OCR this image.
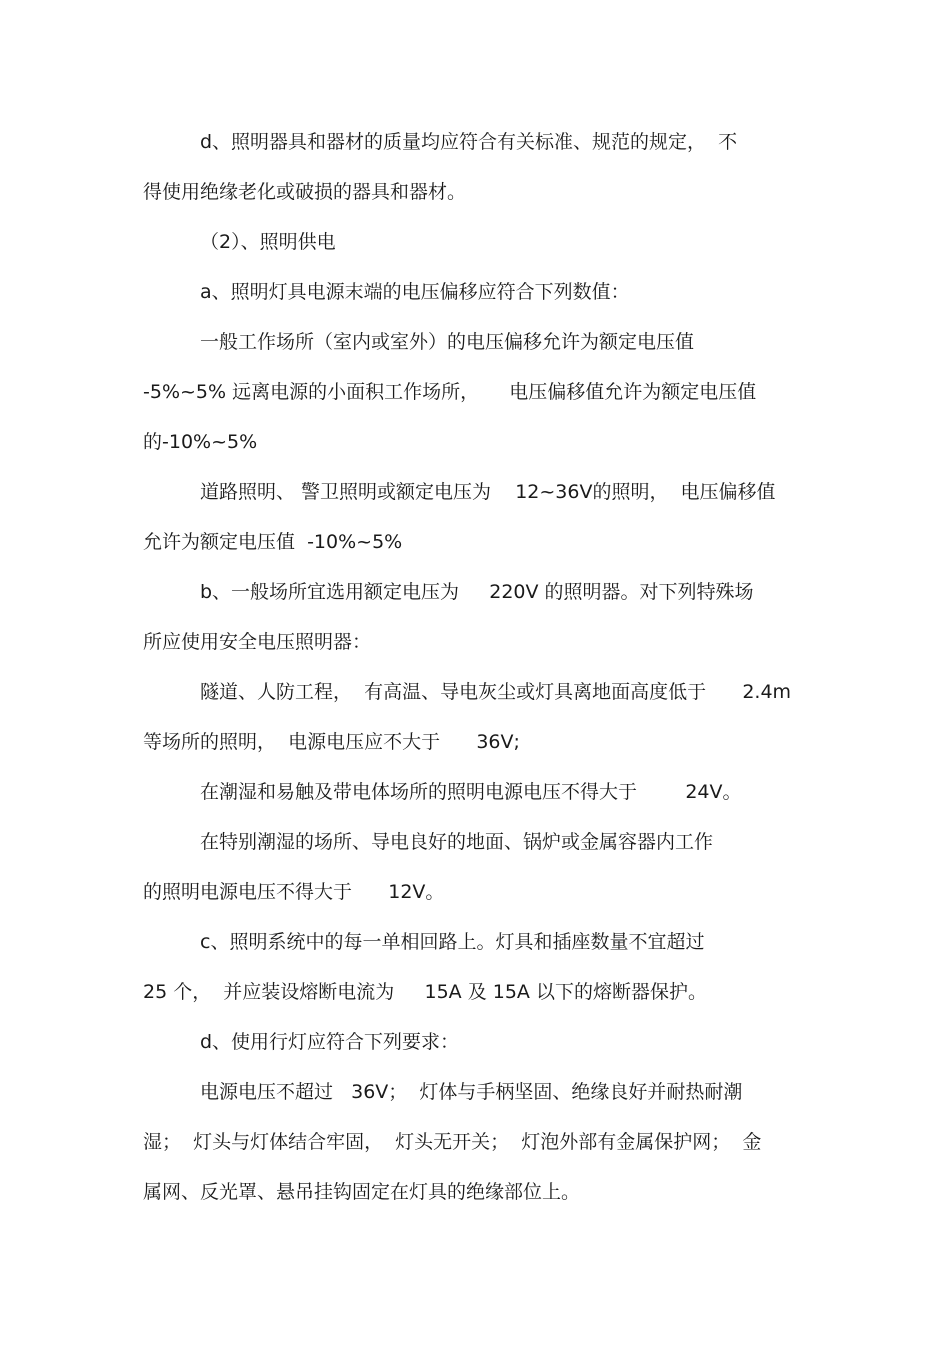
d、照明器具和器材的质量均应符合有关标准、规范的规定，  不
得使用绝缘老化或破损的器具和器材。
（2）、照明供电
a、照明灯具电源末端的电压偏移应符合下列数值：
一般工作场所（室内或室外）的电压偏移允许为额定电压值
-5%~5% 远离电源的小面积工作场所，     电压偏移值允许为额定电压值
的-10%~5%
道路照明、 警卫照明或额定电压为    12~36V的照明，  电压偏移值
允许为额定电压值  -10%~5%
b、一般场所宜选用额定电压为     220V 的照明器。对下列特殊场
所应使用安全电压照明器：
隧道、人防工程，  有高温、导电灰尘或灯具离地面高度低于      2.4m
等场所的照明，  电源电压应不大于      36V;
在潮湿和易触及带电体场所的照明电源电压不得大于        24V。
在特别潮湿的场所、导电良好的地面、锅炉或金属容器内工作
的照明电源电压不得大于      12V。
c、照明系统中的每一单相回路上。灯具和插座数量不宜超过
25 个，  并应装设熔断电流为     15A 及 15A 以下的熔断器保护。
d、使用行灯应符合下列要求：
电源电压不超过   36V；  灯体与手柄坚固、绝缘良好并耐热耐潮
湿；  灯头与灯体结合牢固，  灯头无开关；  灯泡外部有金属保护网；  金
属网、反光罩、悬吊挂钩固定在灯具的绝缘部位上。
